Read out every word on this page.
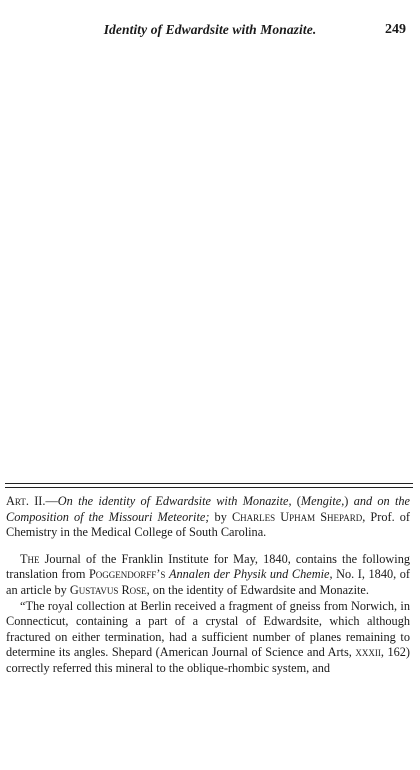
Identity of Edwardsite with Monazite.	249

Art. II.—On the identity of Edwardsite with Monazite, (Mengite,) and on the Composition of the Missouri Meteorite; by Charles Upham Shepard, Prof. of Chemistry in the Medical College of South Carolina.

The Journal of the Franklin Institute for May, 1840, contains the following translation from Poggendorff’s Annalen der Physik und Chemie, No. I, 1840, of an article by Gustavus Rose, on the identity of Edwardsite and Monazite.

“The royal collection at Berlin received a fragment of gneiss from Norwich, in Connecticut, containing a part of a crystal of Edwardsite, which although fractured on either termination, had a sufficient number of planes remaining to determine its angles. Shepard (American Journal of Science and Arts, xxxii, 162) correctly referred this mineral to the oblique-rhombic system, and
